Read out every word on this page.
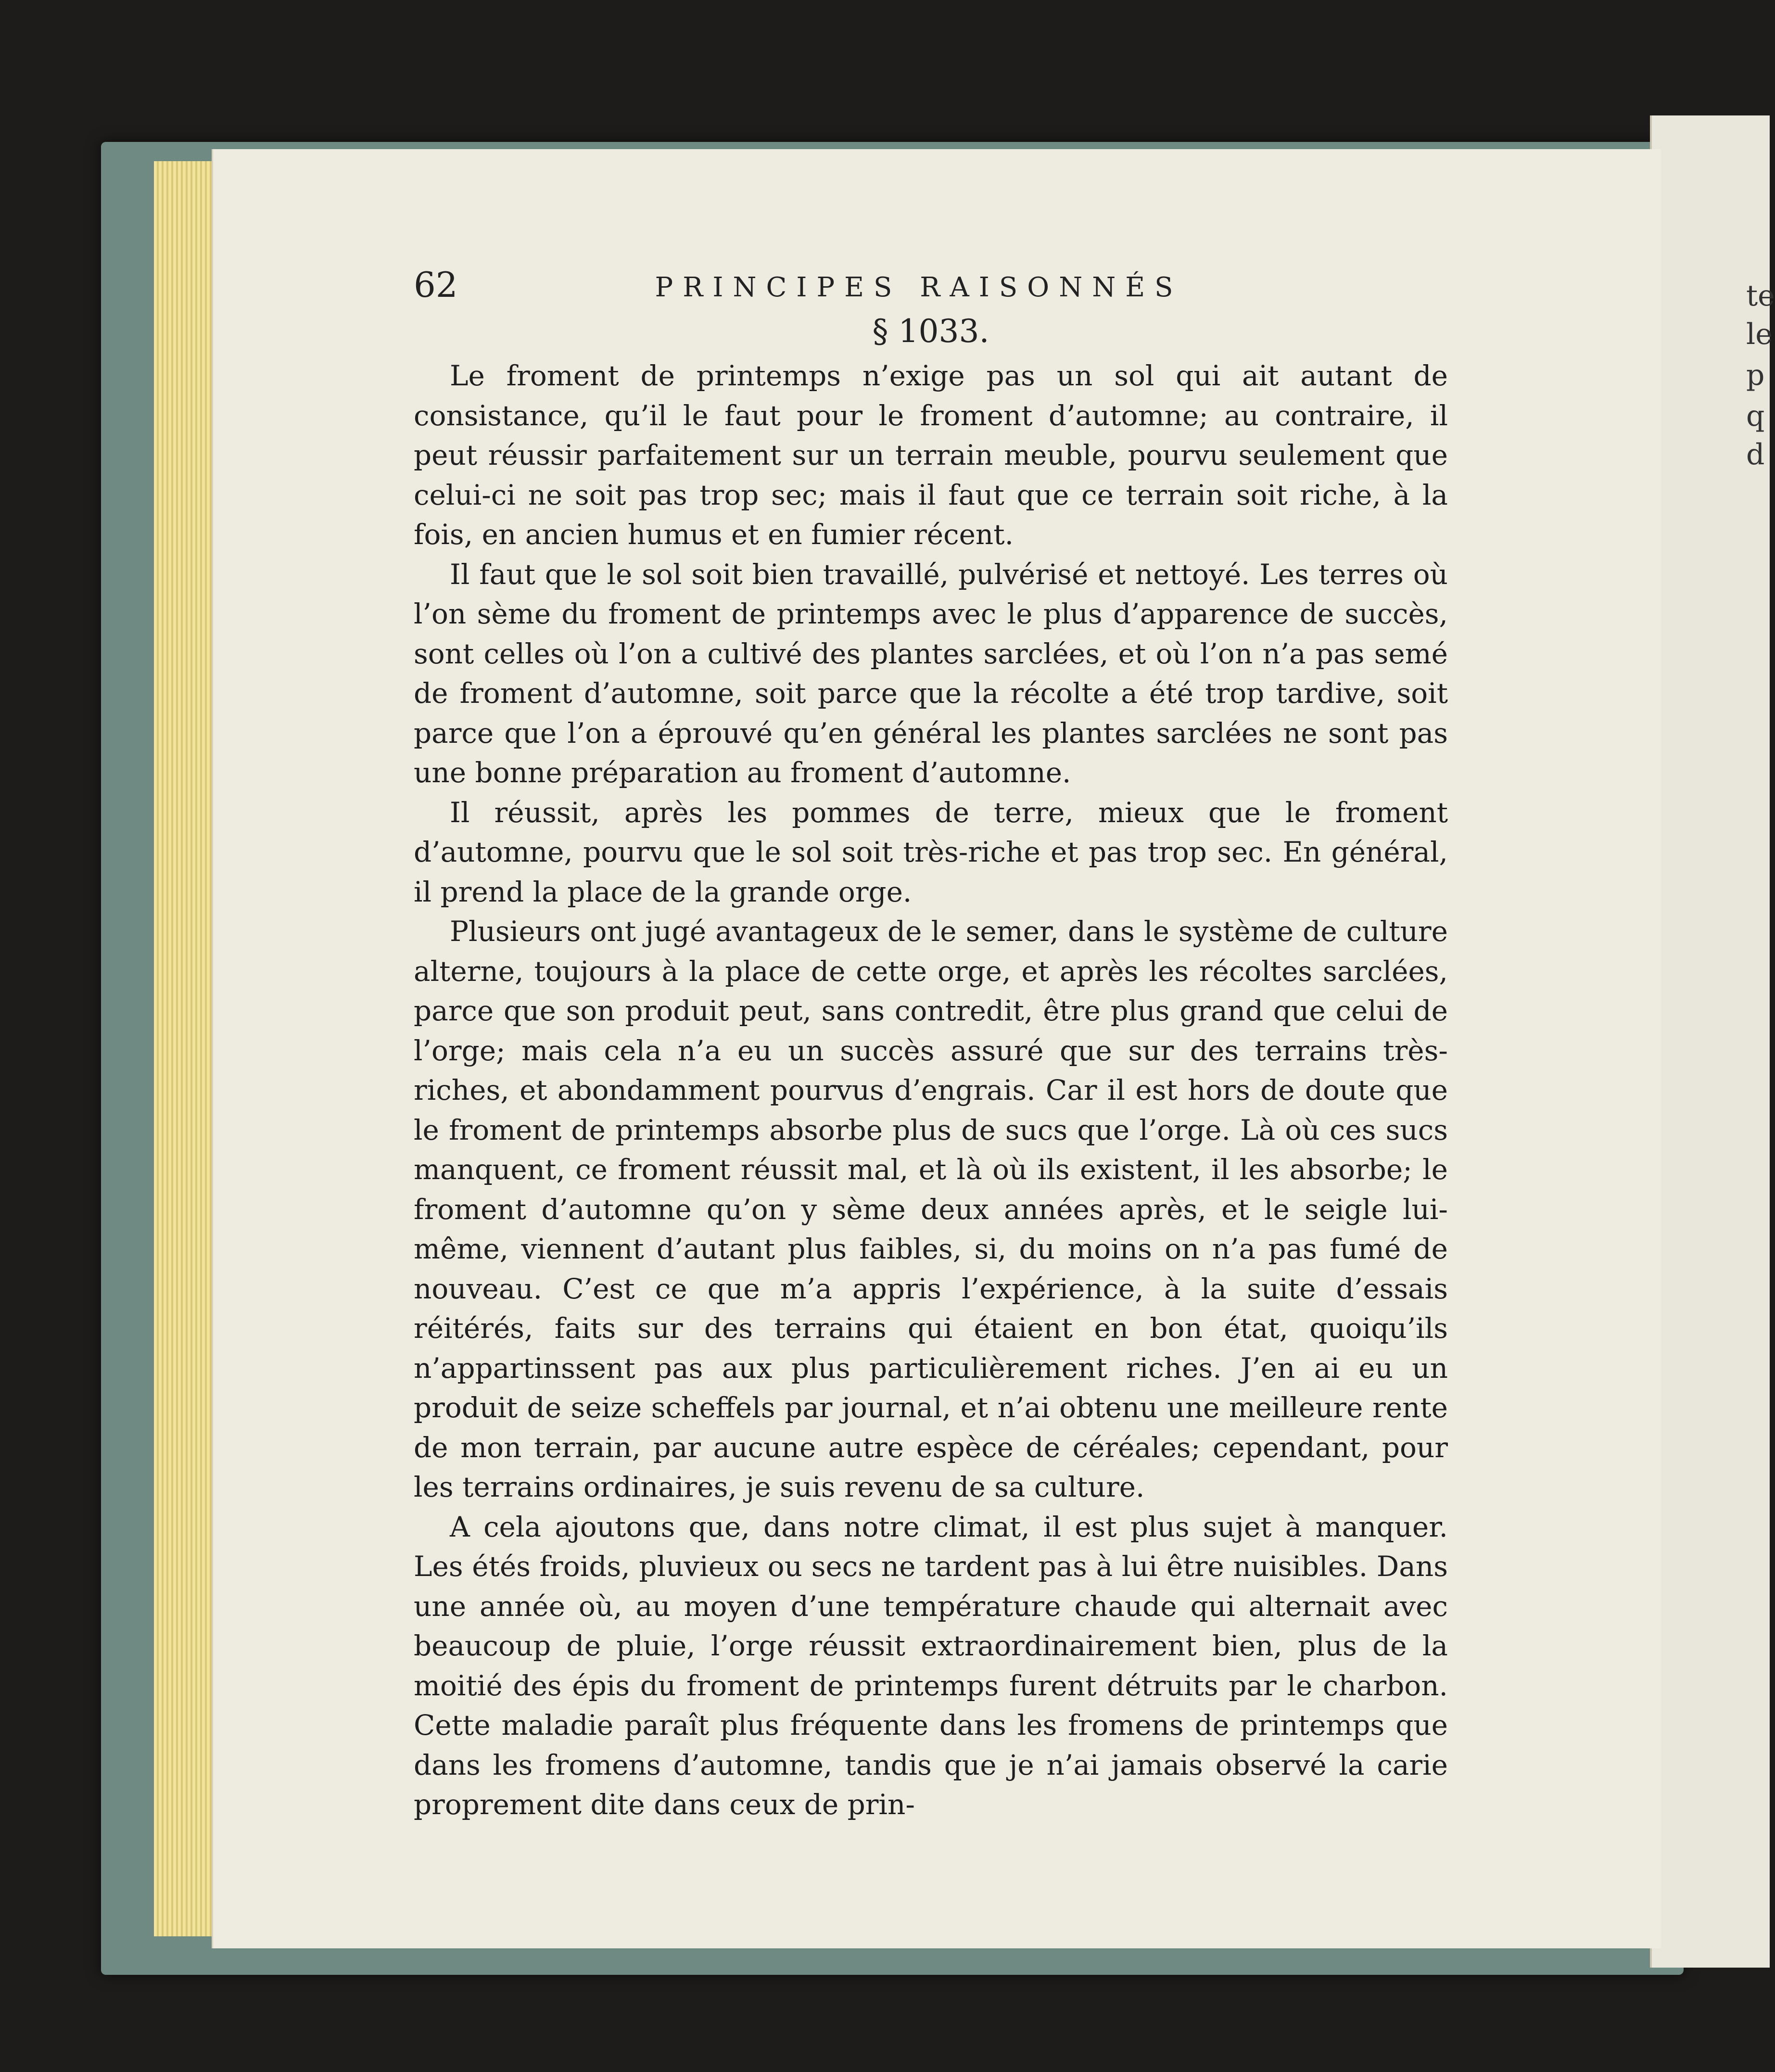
te
le
p
q
d
62	PRINCIPES RAISONNÉS
§ 1033.

Le froment de printemps n’exige pas un sol qui ait autant de consistance, qu’il le faut pour le froment d’automne; au contraire, il peut réussir parfaitement sur un terrain meuble, pourvu seulement que celui-ci ne soit pas trop sec; mais il faut que ce terrain soit riche, à la fois, en ancien humus et en fumier récent.

Il faut que le sol soit bien travaillé, pulvérisé et nettoyé. Les terres où l’on sème du froment de printemps avec le plus d’apparence de succès, sont celles où l’on a cultivé des plantes sarclées, et où l’on n’a pas semé de froment d’automne, soit parce que la récolte a été trop tardive, soit parce que l’on a éprouvé qu’en général les plantes sarclées ne sont pas une bonne préparation au froment d’automne.

Il réussit, après les pommes de terre, mieux que le froment d’automne, pourvu que le sol soit très-riche et pas trop sec. En général, il prend la place de la grande orge.

Plusieurs ont jugé avantageux de le semer, dans le système de culture alterne, toujours à la place de cette orge, et après les récoltes sarclées, parce que son produit peut, sans contredit, être plus grand que celui de l’orge; mais cela n’a eu un succès assuré que sur des terrains très-riches, et abondamment pourvus d’engrais. Car il est hors de doute que le froment de printemps absorbe plus de sucs que l’orge. Là où ces sucs manquent, ce froment réussit mal, et là où ils existent, il les absorbe; le froment d’automne qu’on y sème deux années après, et le seigle lui-même, viennent d’autant plus faibles, si, du moins on n’a pas fumé de nouveau. C’est ce que m’a appris l’expérience, à la suite d’essais réitérés, faits sur des terrains qui étaient en bon état, quoiqu’ils n’appartinssent pas aux plus particulièrement riches. J’en ai eu un produit de seize scheffels par journal, et n’ai obtenu une meilleure rente de mon terrain, par aucune autre espèce de céréales; cependant, pour les terrains ordinaires, je suis revenu de sa culture.

A cela ajoutons que, dans notre climat, il est plus sujet à manquer. Les étés froids, pluvieux ou secs ne tardent pas à lui être nuisibles. Dans une année où, au moyen d’une température chaude qui alternait avec beaucoup de pluie, l’orge réussit extraordinairement bien, plus de la moitié des épis du froment de printemps furent détruits par le charbon. Cette maladie paraît plus fréquente dans les fromens de printemps que dans les fromens d’automne, tandis que je n’ai jamais observé la carie proprement dite dans ceux de prin-
